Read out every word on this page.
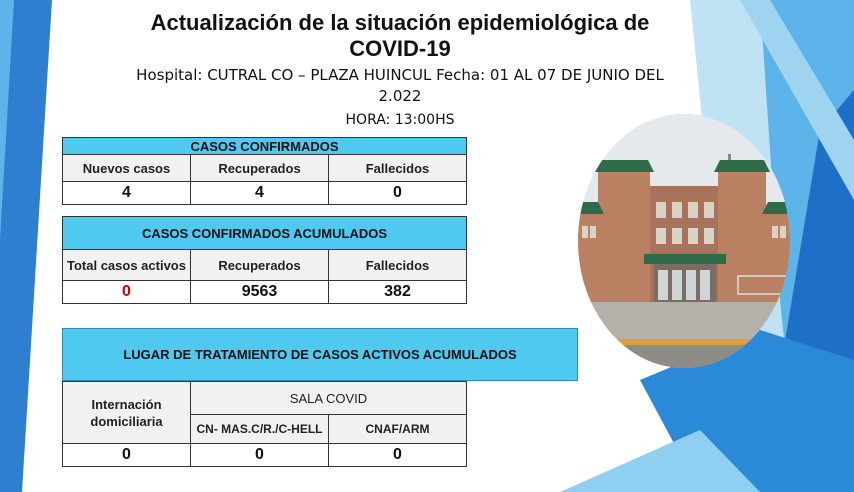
Actualización de la situación epidemiológica de
COVID-19
Hospital: CUTRAL CO – PLAZA HUINCUL Fecha: 01 AL 07 DE JUNIO DEL
2.022
HORA: 13:00HS
CASOS CONFIRMADOS		
Nuevos casos	Recuperados	Fallecidos
4	4	0
CASOS CONFIRMADOS ACUMULADOS		
Total casos activos	Recuperados	Fallecidos
0	9563	382
LUGAR DE TRATAMIENTO DE CASOS ACTIVOS ACUMULADOS
Internación domiciliaria	SALA COVID	
	CN- MAS.C/R./C-HELL	CNAF/ARM
0	0	0
